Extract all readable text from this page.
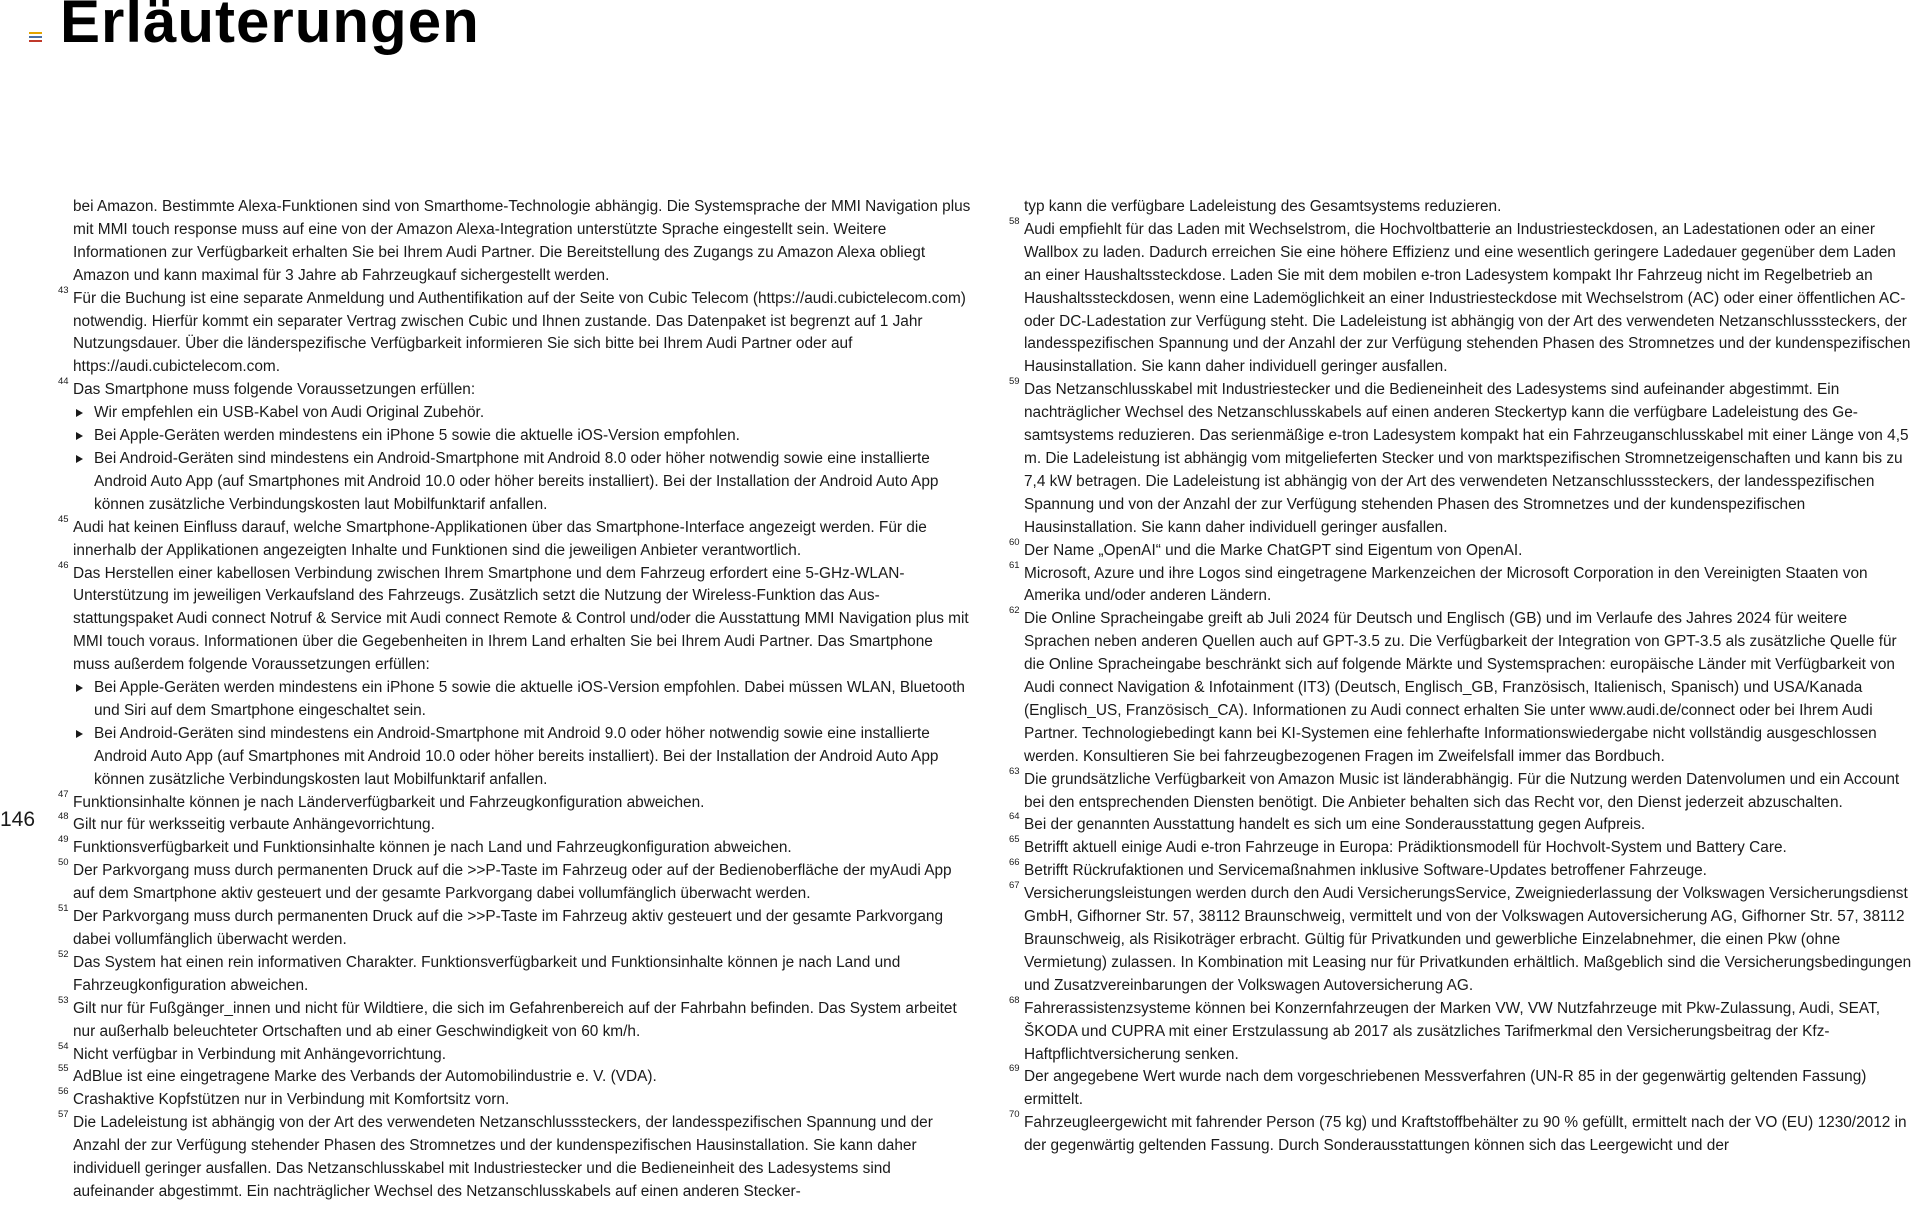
Erläuterungen
146

bei Amazon. Bestimmte Alexa-Funktionen sind von Smarthome-Technologie abhängig. Die Systemsprache der MMI Navigation plus mit MMI touch response muss auf eine von der Amazon Alexa-Integration unterstützte Sprache eingestellt sein. Weitere Informationen zur Verfügbarkeit erhalten Sie bei Ihrem Audi Partner. Die Bereitstellung des Zugangs zu Amazon Alexa obliegt Amazon und kann maximal für 3 Jahre ab Fahrzeugkauf sichergestellt werden.

43 Für die Buchung ist eine separate Anmeldung und Authentifikation auf der Seite von Cubic Telecom (https://audi.cubictelecom.com) notwendig. Hierfür kommt ein separater Vertrag zwischen Cubic und Ihnen zustande. Das Datenpaket ist begrenzt auf 1 Jahr Nutzungsdauer. Über die länderspezifische Verfügbarkeit informieren Sie sich bitte bei Ihrem Audi Partner oder auf https://audi.cubictelecom.com.

44 Das Smartphone muss folgende Voraussetzungen erfüllen:

Wir empfehlen ein USB-Kabel von Audi Original Zubehör.
Bei Apple-Geräten werden mindestens ein iPhone 5 sowie die aktuelle iOS-Version empfohlen.
Bei Android-Geräten sind mindestens ein Android-Smartphone mit Android 8.0 oder höher notwendig sowie eine installierte Android Auto App (auf Smartphones mit Android 10.0 oder höher bereits installiert). Bei der Installation der Android Auto App können zusätzliche Verbindungskosten laut Mobilfunktarif anfallen.
45 Audi hat keinen Einfluss darauf, welche Smartphone-Applikationen über das Smartphone-Interface angezeigt werden. Für die innerhalb der Applikationen angezeigten Inhalte und Funktionen sind die jeweiligen Anbieter verantwortlich.

46 Das Herstellen einer kabellosen Verbindung zwischen Ihrem Smartphone und dem Fahrzeug erfordert eine 5-GHz-WLAN-Unterstützung im jeweiligen Verkaufsland des Fahrzeugs. Zusätzlich setzt die Nutzung der Wireless-Funktion das Ausstattungspaket Audi connect Notruf & Service mit Audi connect Remote & Control und/oder die Ausstattung MMI Navigation plus mit MMI touch voraus. Informationen über die Gegebenheiten in Ihrem Land erhalten Sie bei Ihrem Audi Partner. Das Smartphone muss außerdem folgende Voraussetzungen erfüllen:

Bei Apple-Geräten werden mindestens ein iPhone 5 sowie die aktuelle iOS-Version empfohlen. Dabei müssen WLAN, Bluetooth und Siri auf dem Smartphone eingeschaltet sein.
Bei Android-Geräten sind mindestens ein Android-Smartphone mit Android 9.0 oder höher notwendig sowie eine installierte Android Auto App (auf Smartphones mit Android 10.0 oder höher bereits installiert). Bei der Installation der Android Auto App können zusätzliche Verbindungskosten laut Mobilfunktarif anfallen.
47 Funktionsinhalte können je nach Länderverfügbarkeit und Fahrzeugkonfiguration abweichen.

48 Gilt nur für werksseitig verbaute Anhängevorrichtung.

49 Funktionsverfügbarkeit und Funktionsinhalte können je nach Land und Fahrzeugkonfiguration abweichen.

50 Der Parkvorgang muss durch permanenten Druck auf die >>P-Taste im Fahrzeug oder auf der Bedienoberfläche der myAudi App auf dem Smartphone aktiv gesteuert und der gesamte Parkvorgang dabei vollumfänglich überwacht werden.

51 Der Parkvorgang muss durch permanenten Druck auf die >>P-Taste im Fahrzeug aktiv gesteuert und der gesamte Parkvorgang dabei vollumfänglich überwacht werden.

52 Das System hat einen rein informativen Charakter. Funktionsverfügbarkeit und Funktionsinhalte können je nach Land und Fahrzeugkonfiguration abweichen.

53 Gilt nur für Fußgänger_innen und nicht für Wildtiere, die sich im Gefahrenbereich auf der Fahrbahn befinden. Das System arbeitet nur außerhalb beleuchteter Ortschaften und ab einer Geschwindigkeit von 60 km/h.

54 Nicht verfügbar in Verbindung mit Anhängevorrichtung.

55 AdBlue ist eine eingetragene Marke des Verbands der Automobilindustrie e. V. (VDA).

56 Crashaktive Kopfstützen nur in Verbindung mit Komfortsitz vorn.

57 Die Ladeleistung ist abhängig von der Art des verwendeten Netzanschlusssteckers, der landesspezifischen Spannung und der Anzahl der zur Verfügung stehender Phasen des Stromnetzes und der kundenspezifischen Hausinstallation. Sie kann daher individuell geringer ausfallen. Das Netzanschlusskabel mit Industriestecker und die Bedieneinheit des Ladesystems sind aufeinander abgestimmt. Ein nachträglicher Wechsel des Netzanschlusskabels auf einen anderen Stecker-

typ kann die verfügbare Ladeleistung des Gesamtsystems reduzieren.

58 Audi empfiehlt für das Laden mit Wechselstrom, die Hochvoltbatterie an Industriesteckdosen, an Ladestationen oder an einer Wallbox zu laden. Dadurch erreichen Sie eine höhere Effizienz und eine wesentlich geringere Ladedauer gegenüber dem Laden an einer Haushaltssteckdose. Laden Sie mit dem mobilen e-tron Ladesystem kompakt Ihr Fahrzeug nicht im Regelbetrieb an Haushaltssteckdosen, wenn eine Lademöglichkeit an einer Industriesteckdose mit Wechselstrom (AC) oder einer öffentlichen AC- oder DC-Ladestation zur Verfügung steht. Die Ladeleistung ist abhängig von der Art des verwendeten Netzanschlusssteckers, der landesspezifischen Spannung und der Anzahl der zur Verfügung stehenden Phasen des Stromnetzes und der kundenspezifischen Hausinstallation. Sie kann daher individuell geringer ausfallen.

59 Das Netzanschlusskabel mit Industriestecker und die Bedieneinheit des Ladesystems sind aufeinander abgestimmt. Ein nachträglicher Wechsel des Netzanschlusskabels auf einen anderen Steckertyp kann die verfügbare Ladeleistung des Gesamtsystems reduzieren. Das serienmäßige e-tron Ladesystem kompakt hat ein Fahrzeuganschlusskabel mit einer Länge von 4,5 m. Die Ladeleistung ist abhängig vom mitgelieferten Stecker und von marktspezifischen Stromnetzeigenschaften und kann bis zu 7,4 kW betragen. Die Ladeleistung ist abhängig von der Art des verwendeten Netzanschlusssteckers, der landesspezifischen Spannung und von der Anzahl der zur Verfügung stehenden Phasen des Stromnetzes und der kundenspezifischen Hausinstallation. Sie kann daher individuell geringer ausfallen.

60 Der Name „OpenAI“ und die Marke ChatGPT sind Eigentum von OpenAI.

61 Microsoft, Azure und ihre Logos sind eingetragene Markenzeichen der Microsoft Corporation in den Vereinigten Staaten von Amerika und/oder anderen Ländern.

62 Die Online Spracheingabe greift ab Juli 2024 für Deutsch und Englisch (GB) und im Verlaufe des Jahres 2024 für weitere Sprachen neben anderen Quellen auch auf GPT-3.5 zu. Die Verfügbarkeit der Integration von GPT-3.5 als zusätzliche Quelle für die Online Spracheingabe beschränkt sich auf folgende Märkte und Systemsprachen: europäische Länder mit Verfügbarkeit von Audi connect Navigation & Infotainment (IT3) (Deutsch, Englisch_GB, Französisch, Italienisch, Spanisch) und USA/Kanada (Englisch_US, Französisch_CA). Informationen zu Audi connect erhalten Sie unter www.audi.de/connect oder bei Ihrem Audi Partner. Technologiebedingt kann bei KI-Systemen eine fehlerhafte Informationswiedergabe nicht vollständig ausgeschlossen werden. Konsultieren Sie bei fahrzeugbezogenen Fragen im Zweifelsfall immer das Bordbuch.

63 Die grundsätzliche Verfügbarkeit von Amazon Music ist länderabhängig. Für die Nutzung werden Datenvolumen und ein Account bei den entsprechenden Diensten benötigt. Die Anbieter behalten sich das Recht vor, den Dienst jederzeit abzuschalten.

64 Bei der genannten Ausstattung handelt es sich um eine Sonderausstattung gegen Aufpreis.

65 Betrifft aktuell einige Audi e-tron Fahrzeuge in Europa: Prädiktionsmodell für Hochvolt-System und Battery Care.

66 Betrifft Rückrufaktionen und Servicemaßnahmen inklusive Software-Updates betroffener Fahrzeuge.

67 Versicherungsleistungen werden durch den Audi VersicherungsService, Zweigniederlassung der Volkswagen Versicherungsdienst GmbH, Gifhorner Str. 57, 38112 Braunschweig, vermittelt und von der Volkswagen Autoversicherung AG, Gifhorner Str. 57, 38112 Braunschweig, als Risikoträger erbracht. Gültig für Privatkunden und gewerbliche Einzelabnehmer, die einen Pkw (ohne Vermietung) zulassen. In Kombination mit Leasing nur für Privatkunden erhältlich. Maßgeblich sind die Versicherungsbedingungen und Zusatzvereinbarungen der Volkswagen Autoversicherung AG.

68 Fahrerassistenzsysteme können bei Konzernfahrzeugen der Marken VW, VW Nutzfahrzeuge mit Pkw-Zulassung, Audi, SEAT, ŠKODA und CUPRA mit einer Erstzulassung ab 2017 als zusätzliches Tarifmerkmal den Versicherungsbeitrag der Kfz-Haftpflichtversicherung senken.

69 Der angegebene Wert wurde nach dem vorgeschriebenen Messverfahren (UN-R 85 in der gegenwärtig geltenden Fassung) ermittelt.

70 Fahrzeugleergewicht mit fahrender Person (75 kg) und Kraftstoffbehälter zu 90 % gefüllt, ermittelt nach der VO (EU) 1230/2012 in der gegenwärtig geltenden Fassung. Durch Sonderausstattungen können sich das Leergewicht und der
